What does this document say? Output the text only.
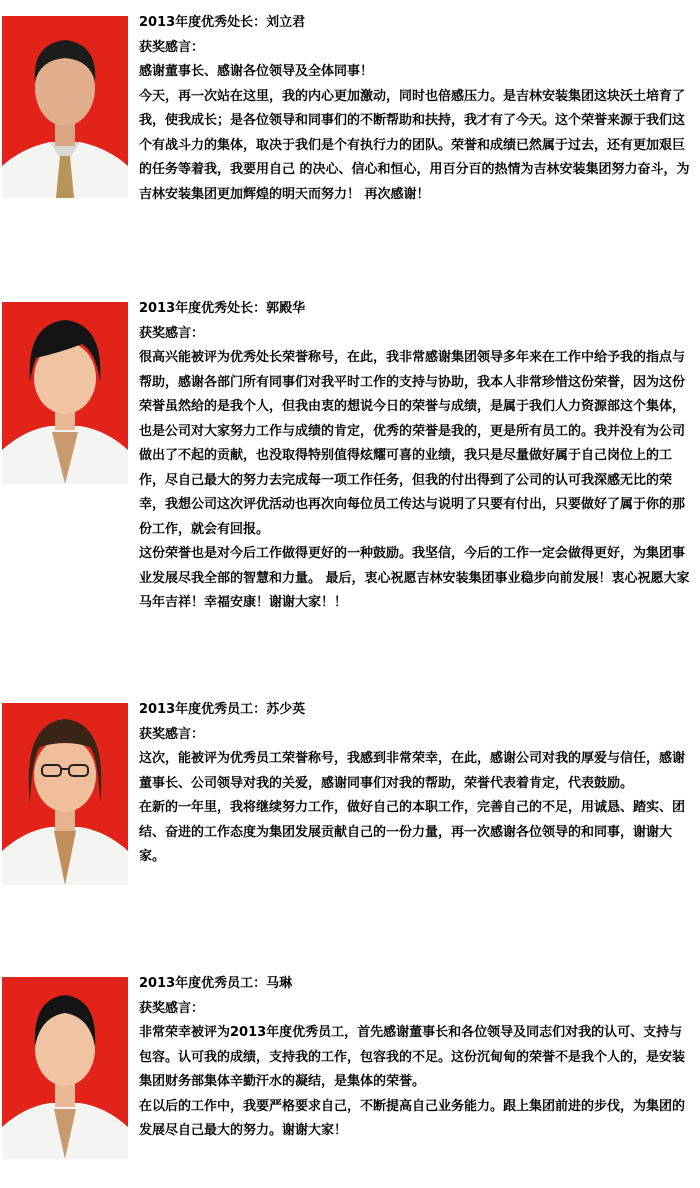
2013年度优秀处长：刘立君

获奖感言：

感谢董事长、感谢各位领导及全体同事！

今天，再一次站在这里，我的内心更加激动，同时也倍感压力。是吉林安装集团这块沃土培育了我，使我成长；是各位领导和同事们的不断帮助和扶持，我才有了今天。这个荣誉来源于我们这个有战斗力的集体，取决于我们是个有执行力的团队。荣誉和成绩已然属于过去，还有更加艰巨的任务等着我，我要用自己 的决心、信心和恒心，用百分百的热情为吉林安装集团努力奋斗，为吉林安装集团更加辉煌的明天而努力！ 再次感谢！

2013年度优秀处长：郭殿华

获奖感言：

很高兴能被评为优秀处长荣誉称号，在此，我非常感谢集团领导多年来在工作中给予我的指点与帮助，感谢各部门所有同事们对我平时工作的支持与协助，我本人非常珍惜这份荣誉，因为这份荣誉虽然给的是我个人，但我由衷的想说今日的荣誉与成绩，是属于我们人力资源部这个集体，也是公司对大家努力工作与成绩的肯定，优秀的荣誉是我的，更是所有员工的。我并没有为公司做出了不起的贡献，也没取得特别值得炫耀可喜的业绩，我只是尽量做好属于自己岗位上的工作，尽自己最大的努力去完成每一项工作任务，但我的付出得到了公司的认可我深感无比的荣幸，我想公司这次评优活动也再次向每位员工传达与说明了只要有付出，只要做好了属于你的那份工作，就会有回报。

这份荣誉也是对今后工作做得更好的一种鼓励。我坚信，今后的工作一定会做得更好，为集团事业发展尽我全部的智慧和力量。 最后，衷心祝愿吉林安装集团事业稳步向前发展！衷心祝愿大家马年吉祥！幸福安康！谢谢大家！！

2013年度优秀员工：苏少英

获奖感言：

这次，能被评为优秀员工荣誉称号，我感到非常荣幸，在此，感谢公司对我的厚爱与信任，感谢董事长、公司领导对我的关爱，感谢同事们对我的帮助，荣誉代表着肯定，代表鼓励。

在新的一年里，我将继续努力工作，做好自己的本职工作，完善自己的不足，用诚恳、踏实、团结、奋进的工作态度为集团发展贡献自己的一份力量，再一次感谢各位领导的和同事，谢谢大家。

2013年度优秀员工：马琳

获奖感言：

非常荣幸被评为2013年度优秀员工，首先感谢董事长和各位领导及同志们对我的认可、支持与包容。认可我的成绩，支持我的工作，包容我的不足。这份沉甸甸的荣誉不是我个人的，是安装集团财务部集体辛勤汗水的凝结，是集体的荣誉。

在以后的工作中，我要严格要求自己，不断提高自己业务能力。跟上集团前进的步伐，为集团的发展尽自己最大的努力。谢谢大家！
